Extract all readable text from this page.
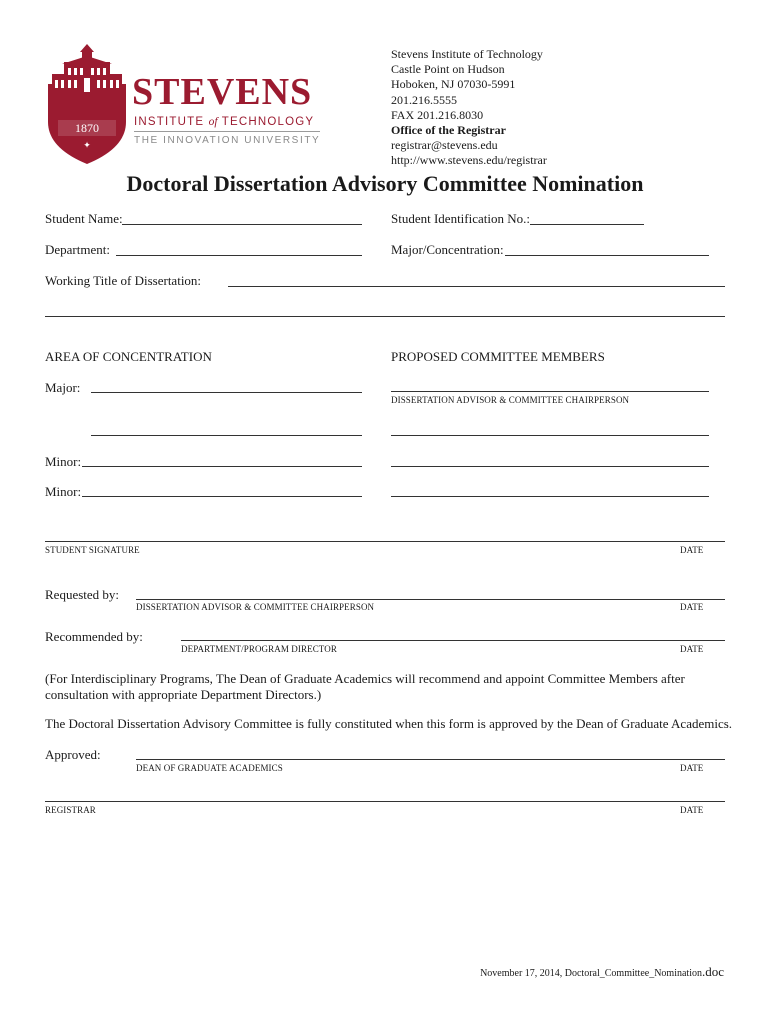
1870
✦
STEVENS
INSTITUTE of TECHNOLOGY
THE INNOVATION UNIVERSITY
Stevens Institute of Technology
Castle Point on Hudson
Hoboken, NJ 07030-5991
201.216.5555
FAX 201.216.8030
Office of the Registrar
registrar@stevens.edu
http://www.stevens.edu/registrar
Doctoral Dissertation Advisory Committee Nomination
Student Name:	Student Identification No.:
Department:	Major/Concentration:
Working Title of Dissertation:
AREA OF CONCENTRATION	PROPOSED COMMITTEE MEMBERS
Major:
DISSERTATION ADVISOR & COMMITTEE CHAIRPERSON
Minor:
Minor:
STUDENT SIGNATURE	DATE
Requested by:
DISSERTATION ADVISOR & COMMITTEE CHAIRPERSON	DATE
Recommended by:
DEPARTMENT/PROGRAM DIRECTOR	DATE
(For Interdisciplinary Programs, The Dean of Graduate Academics will recommend and appoint Committee Members after consultation with appropriate Department Directors.)
The Doctoral Dissertation Advisory Committee is fully constituted when this form is approved by the Dean of Graduate Academics.
Approved:
DEAN OF GRADUATE ACADEMICS	DATE
REGISTRAR	DATE
November 17, 2014, Doctoral_Committee_Nomination.doc
